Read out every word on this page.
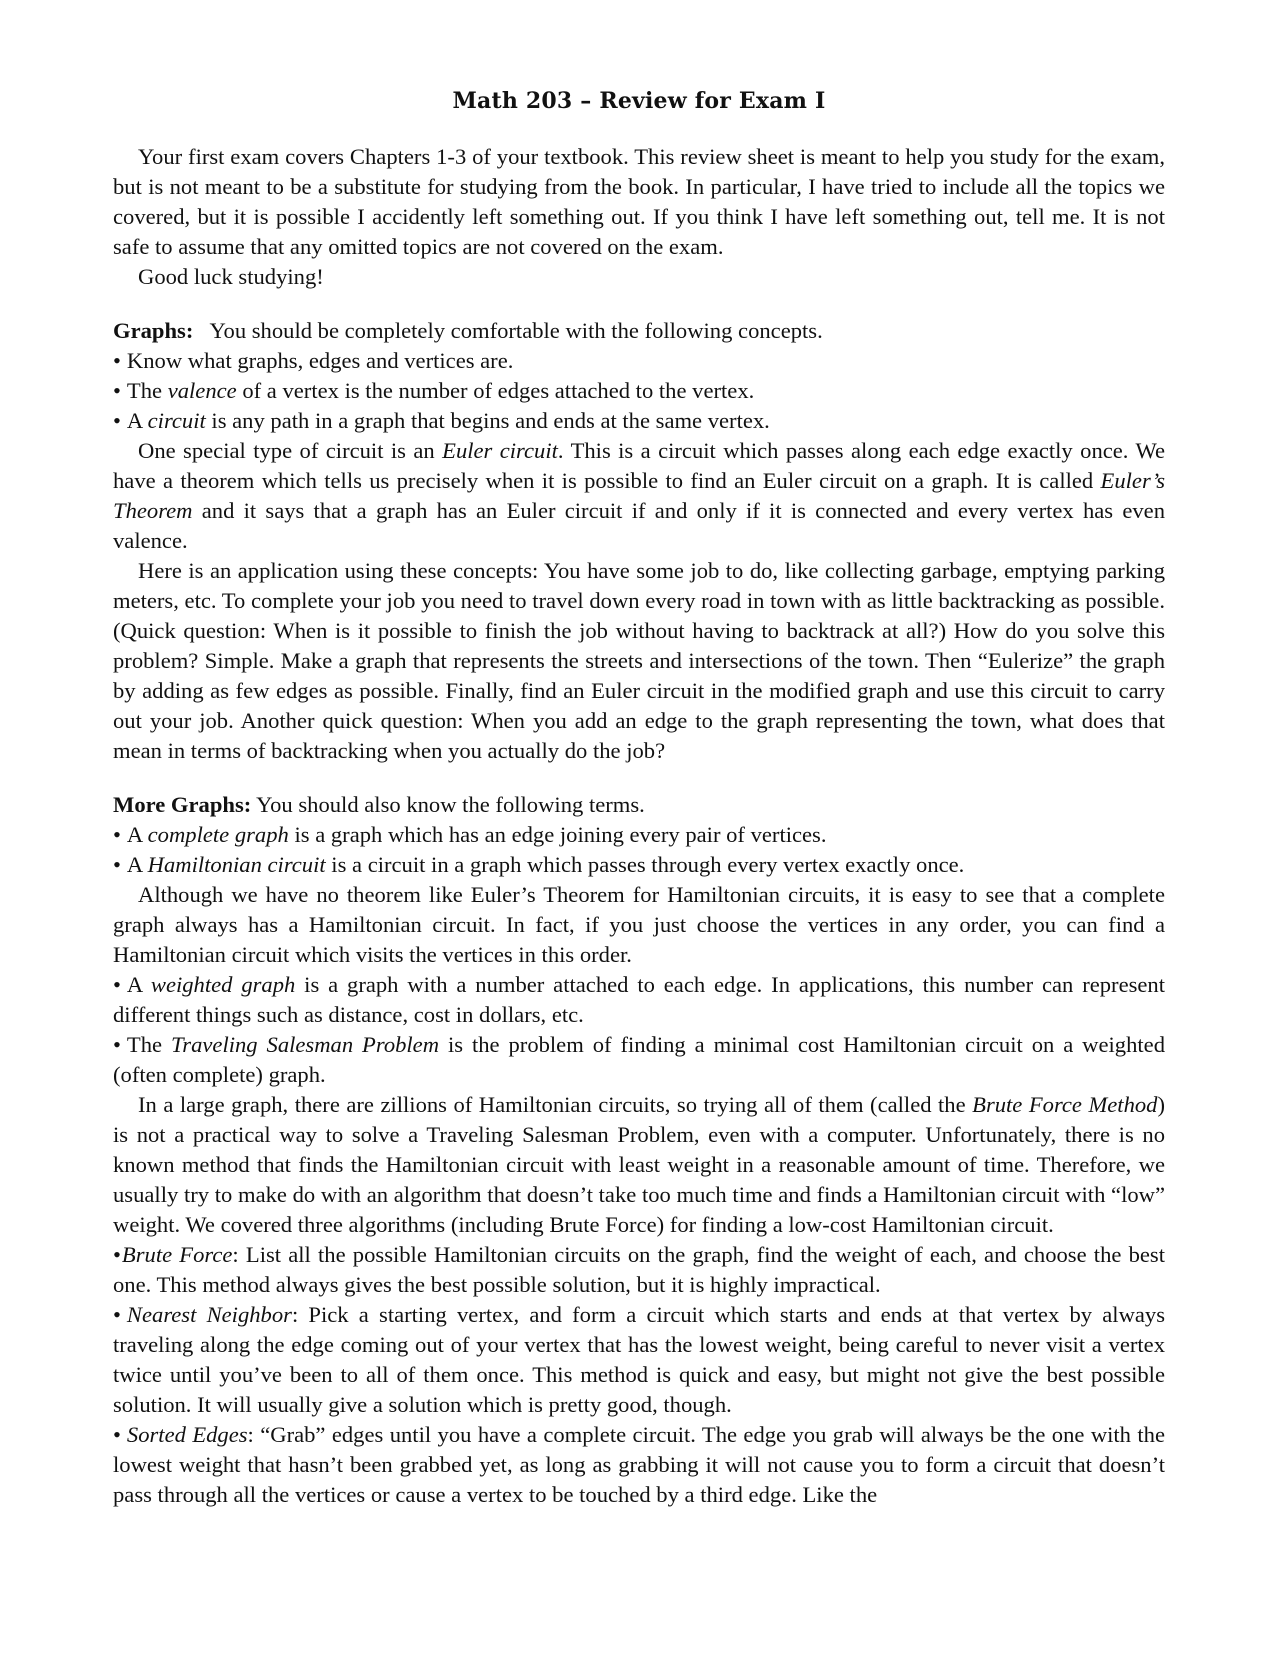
Math 203 – Review for Exam I

Your first exam covers Chapters 1-3 of your textbook. This review sheet is meant to help you study for the exam, but is not meant to be a substitute for studying from the book. In particular, I have tried to include all the topics we covered, but it is possible I accidently left something out. If you think I have left something out, tell me. It is not safe to assume that any omitted topics are not covered on the exam.

Good luck studying!

Graphs: You should be completely comfortable with the following concepts.

• Know what graphs, edges and vertices are.

• The valence of a vertex is the number of edges attached to the vertex.

• A circuit is any path in a graph that begins and ends at the same vertex.

One special type of circuit is an Euler circuit. This is a circuit which passes along each edge exactly once. We have a theorem which tells us precisely when it is possible to find an Euler circuit on a graph. It is called Euler’s Theorem and it says that a graph has an Euler circuit if and only if it is connected and every vertex has even valence.

Here is an application using these concepts: You have some job to do, like collecting garbage, emptying parking meters, etc. To complete your job you need to travel down every road in town with as little backtracking as possible. (Quick question: When is it possible to finish the job without having to backtrack at all?) How do you solve this problem? Simple. Make a graph that represents the streets and intersections of the town. Then “Eulerize” the graph by adding as few edges as possible. Finally, find an Euler circuit in the modified graph and use this circuit to carry out your job. Another quick question: When you add an edge to the graph representing the town, what does that mean in terms of backtracking when you actually do the job?

More Graphs: You should also know the following terms.

• A complete graph is a graph which has an edge joining every pair of vertices.

• A Hamiltonian circuit is a circuit in a graph which passes through every vertex exactly once.

Although we have no theorem like Euler’s Theorem for Hamiltonian circuits, it is easy to see that a complete graph always has a Hamiltonian circuit. In fact, if you just choose the vertices in any order, you can find a Hamiltonian circuit which visits the vertices in this order.

• A weighted graph is a graph with a number attached to each edge. In applications, this number can represent different things such as distance, cost in dollars, etc.

• The Traveling Salesman Problem is the problem of finding a minimal cost Hamiltonian circuit on a weighted (often complete) graph.

In a large graph, there are zillions of Hamiltonian circuits, so trying all of them (called the Brute Force Method) is not a practical way to solve a Traveling Salesman Problem, even with a computer. Unfortunately, there is no known method that finds the Hamiltonian circuit with least weight in a reasonable amount of time. Therefore, we usually try to make do with an algorithm that doesn’t take too much time and finds a Hamiltonian circuit with “low” weight. We covered three algorithms (including Brute Force) for finding a low-cost Hamiltonian circuit.

•Brute Force: List all the possible Hamiltonian circuits on the graph, find the weight of each, and choose the best one. This method always gives the best possible solution, but it is highly impractical.

• Nearest Neighbor: Pick a starting vertex, and form a circuit which starts and ends at that vertex by always traveling along the edge coming out of your vertex that has the lowest weight, being careful to never visit a vertex twice until you’ve been to all of them once. This method is quick and easy, but might not give the best possible solution. It will usually give a solution which is pretty good, though.

• Sorted Edges: “Grab” edges until you have a complete circuit. The edge you grab will always be the one with the lowest weight that hasn’t been grabbed yet, as long as grabbing it will not cause you to form a circuit that doesn’t pass through all the vertices or cause a vertex to be touched by a third edge. Like the
